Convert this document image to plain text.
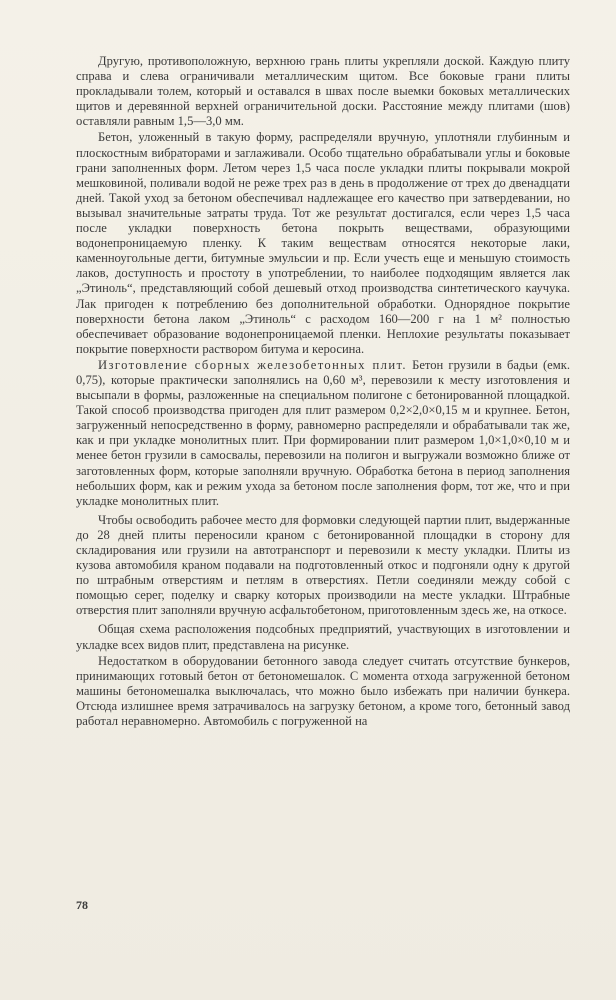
Другую, противоположную, верхнюю грань плиты укрепляли доской. Каждую плиту справа и слева ограничивали металлическим щитом. Все боковые грани плиты прокладывали толем, который и оставался в швах после выемки боковых металлических щитов и деревянной верхней ограничительной доски. Расстояние между плитами (шов) оставляли равным 1,5—3,0 мм.

Бетон, уложенный в такую форму, распределяли вручную, уплотняли глубинным и плоскостным вибраторами и заглаживали. Особо тщательно обрабатывали углы и боковые грани заполненных форм. Летом через 1,5 часа после укладки плиты покрывали мокрой мешковиной, поливали водой не реже трех раз в день в продолжение от трех до двенадцати дней. Такой уход за бетоном обеспечивал надлежащее его качество при затвердевании, но вызывал значительные затраты труда. Тот же результат достигался, если через 1,5 часа после укладки поверхность бетона покрыть веществами, образующими водонепроницаемую пленку. К таким веществам относятся некоторые лаки, каменноугольные дегти, битумные эмульсии и пр. Если учесть еще и меньшую стоимость лаков, доступность и простоту в употреблении, то наиболее подходящим является лак „Этиноль“, представляющий собой дешевый отход производства синтетического каучука. Лак пригоден к потреблению без дополнительной обработки. Однорядное покрытие поверхности бетона лаком „Этиноль“ с расходом 160—200 г на 1 м² полностью обеспечивает образование водонепроницаемой пленки. Неплохие результаты показывает покрытие поверхности раствором битума и керосина.

Изготовление сборных железобетонных плит. Бетон грузили в бадьи (емк. 0,75), которые практически заполнялись на 0,60 м³, перевозили к месту изготовления и высыпали в формы, разложенные на специальном полигоне с бетонированной площадкой. Такой способ производства пригоден для плит размером 0,2×2,0×0,15 м и крупнее. Бетон, загруженный непосредственно в форму, равномерно распределяли и обрабатывали так же, как и при укладке монолитных плит. При формировании плит размером 1,0×1,0×0,10 м и менее бетон грузили в самосвалы, перевозили на полигон и выгружали возможно ближе от заготовленных форм, которые заполняли вручную. Обработка бетона в период заполнения небольших форм, как и режим ухода за бетоном после заполнения форм, тот же, что и при укладке монолитных плит.

Чтобы освободить рабочее место для формовки следующей партии плит, выдержанные до 28 дней плиты переносили краном с бетонированной площадки в сторону для складирования или грузили на автотранспорт и перевозили к месту укладки. Плиты из кузова автомобиля краном подавали на подготовленный откос и подгоняли одну к другой по штрабным отверстиям и петлям в отверстиях. Петли соединяли между собой с помощью серег, поделку и сварку которых производили на месте укладки. Штрабные отверстия плит заполняли вручную асфальтобетоном, приготовленным здесь же, на откосе.

Общая схема расположения подсобных предприятий, участвующих в изготовлении и укладке всех видов плит, представлена на рисунке.

Недостатком в оборудовании бетонного завода следует считать отсутствие бункеров, принимающих готовый бетон от бетономешалок. С момента отхода загруженной бетоном машины бетономешалка выключалась, что можно было избежать при наличии бункера. Отсюда излишнее время затрачивалось на загрузку бетоном, а кроме того, бетонный завод работал неравномерно. Автомобиль с погруженной на

78
